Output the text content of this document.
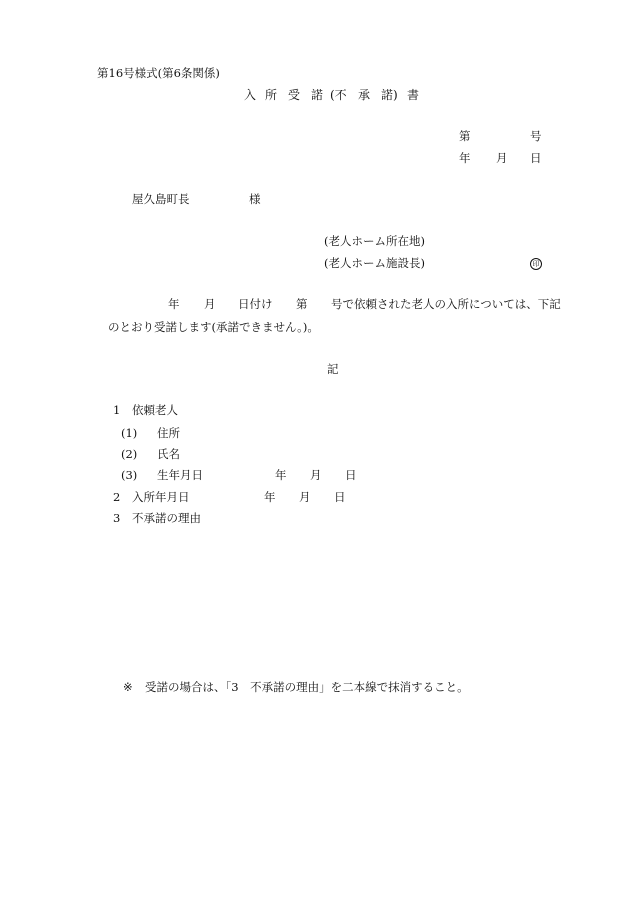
第16号様式(第6条関係)
入 所 受 諾 (不 承 諾) 書
第	号
年 月 日
屋久島町長	様
(老人ホーム所在地)
(老人ホーム施設長)	印
年 月 日付け 第 号で依頼された老人の入所については、下記
のとおり受諾します(承諾できません。)。
記
1 依頼老人
(1) 住所
(2) 氏名
(3) 生年月日	年 月 日
2 入所年月日	年 月 日
3 不承諾の理由
※ 受諾の場合は、「3　不承諾の理由」を二本線で抹消すること。
